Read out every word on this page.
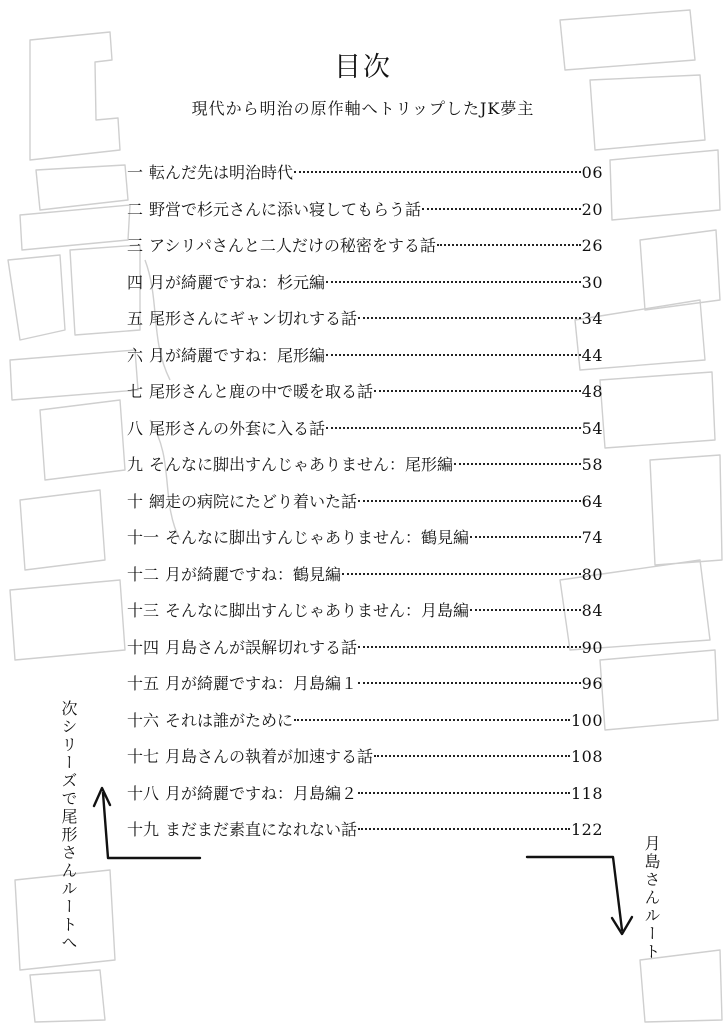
目次
現代から明治の原作軸へトリップしたJK夢主
一 転んだ先は明治時代	06
二 野営で杉元さんに添い寝してもらう話	20
三 アシリパさんと二人だけの秘密をする話	26
四 月が綺麗ですね：杉元編	30
五 尾形さんにギャン切れする話	34
六 月が綺麗ですね：尾形編	44
七 尾形さんと鹿の中で暖を取る話	48
八 尾形さんの外套に入る話	54
九 そんなに脚出すんじゃありません：尾形編	58
十 網走の病院にたどり着いた話	64
十一 そんなに脚出すんじゃありません：鶴見編	74
十二 月が綺麗ですね：鶴見編	80
十三 そんなに脚出すんじゃありません：月島編	84
十四 月島さんが誤解切れする話	90
十五 月が綺麗ですね：月島編１	96
十六 それは誰がために	100
十七 月島さんの執着が加速する話	108
十八 月が綺麗ですね：月島編２	118
十九 まだまだ素直になれない話	122
次シリーズで尾形さんルートへ	月島さんルート
